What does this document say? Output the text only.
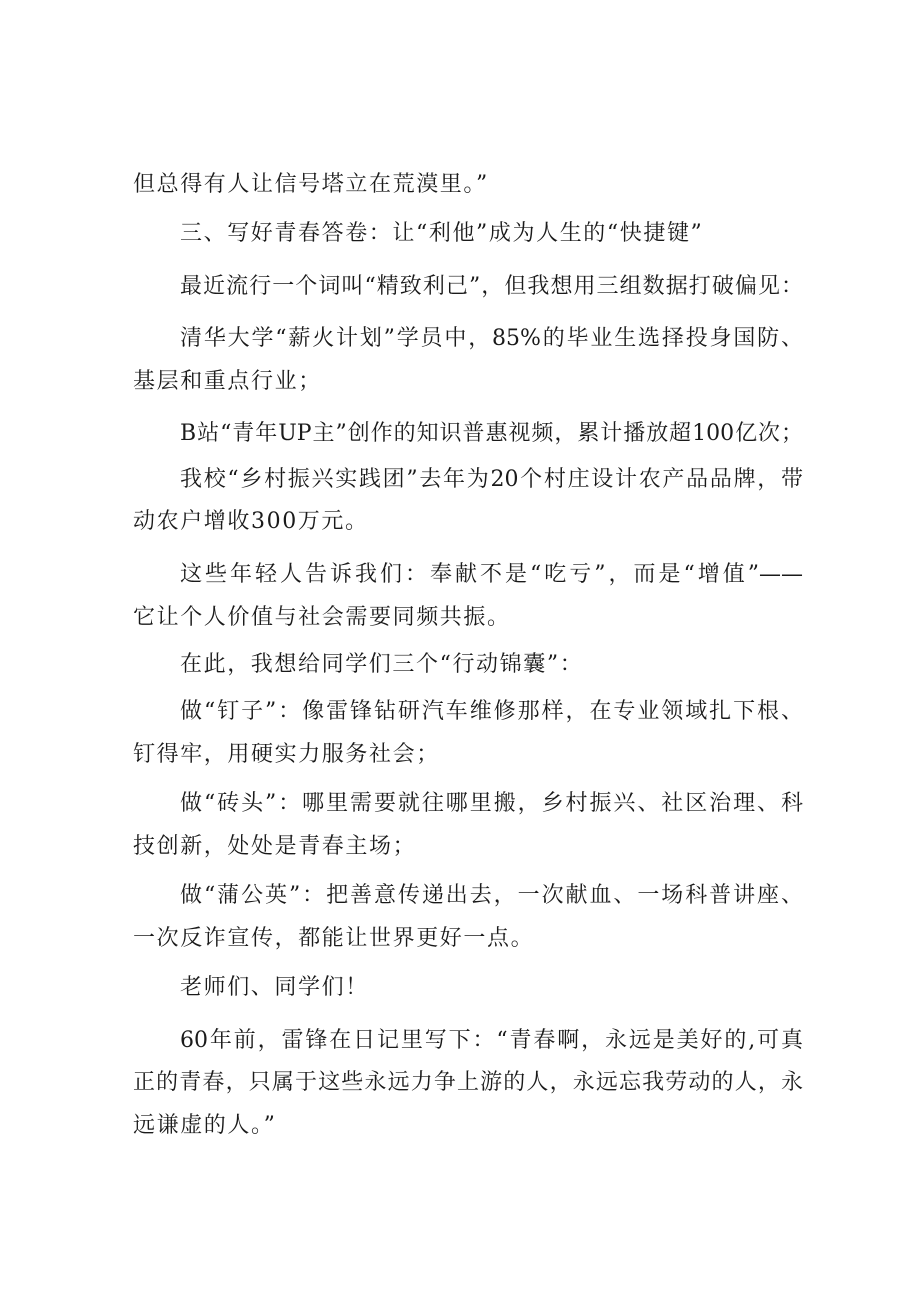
但总得有人让信号塔立在荒漠里。”
三、写好青春答卷：让“利他”成为人生的“快捷键”
最近流行一个词叫“精致利己”，但我想用三组数据打破偏见：
清华大学“薪火计划”学员中，85%的毕业生选择投身国防、
基层和重点行业；
B站“青年UP主”创作的知识普惠视频，累计播放超100亿次；
我校“乡村振兴实践团”去年为20个村庄设计农产品品牌，带
动农户增收300万元。
这些年轻人告诉我们：奉献不是“吃亏”，而是“增值”——
它让个人价值与社会需要同频共振。
在此，我想给同学们三个“行动锦囊”：
做“钉子”：像雷锋钻研汽车维修那样，在专业领域扎下根、
钉得牢，用硬实力服务社会；
做“砖头”：哪里需要就往哪里搬，乡村振兴、社区治理、科
技创新，处处是青春主场；
做“蒲公英”：把善意传递出去，一次献血、一场科普讲座、
一次反诈宣传，都能让世界更好一点。
老师们、同学们！
60年前，雷锋在日记里写下：“青春啊，永远是美好的,可真
正的青春，只属于这些永远力争上游的人，永远忘我劳动的人，永
远谦虚的人。”
